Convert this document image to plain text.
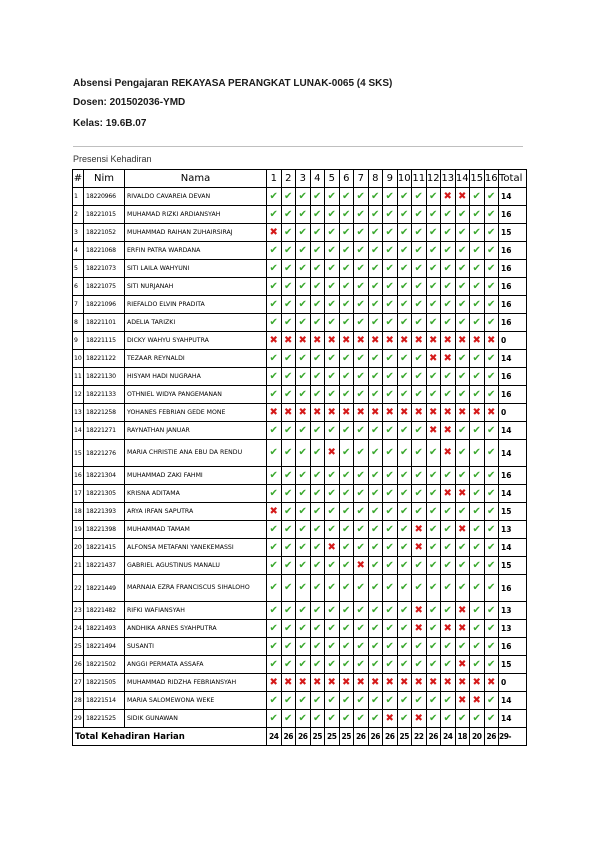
Absensi Pengajaran REKAYASA PERANGKAT LUNAK-0065 (4 SKS)
Dosen: 201502036-YMD
Kelas: 19.6B.07
Presensi Kehadiran
#	Nim	Nama	1	2	3	4	5	6	7	8	9	10	11	12	13	14	15	16	Total
1	18220966	RIVALDO CAVAREIA DEVAN	✔	✔	✔	✔	✔	✔	✔	✔	✔	✔	✔	✔	✖	✖	✔	✔	14
2	18221015	MUHAMAD RIZKI ARDIANSYAH	✔	✔	✔	✔	✔	✔	✔	✔	✔	✔	✔	✔	✔	✔	✔	✔	16
3	18221052	MUHAMMAD RAIHAN ZUHAIRSIRAJ	✖	✔	✔	✔	✔	✔	✔	✔	✔	✔	✔	✔	✔	✔	✔	✔	15
4	18221068	ERFIN PATRA WARDANA	✔	✔	✔	✔	✔	✔	✔	✔	✔	✔	✔	✔	✔	✔	✔	✔	16
5	18221073	SITI LAILA WAHYUNI	✔	✔	✔	✔	✔	✔	✔	✔	✔	✔	✔	✔	✔	✔	✔	✔	16
6	18221075	SITI NURJANAH	✔	✔	✔	✔	✔	✔	✔	✔	✔	✔	✔	✔	✔	✔	✔	✔	16
7	18221096	RIEFALDO ELVIN PRADITA	✔	✔	✔	✔	✔	✔	✔	✔	✔	✔	✔	✔	✔	✔	✔	✔	16
8	18221101	ADELIA TARIZKI	✔	✔	✔	✔	✔	✔	✔	✔	✔	✔	✔	✔	✔	✔	✔	✔	16
9	18221115	DICKY WAHYU SYAHPUTRA	✖	✖	✖	✖	✖	✖	✖	✖	✖	✖	✖	✖	✖	✖	✖	✖	0
10	18221122	TEZAAR REYNALDI	✔	✔	✔	✔	✔	✔	✔	✔	✔	✔	✔	✖	✖	✔	✔	✔	14
11	18221130	HISYAM HADI NUGRAHA	✔	✔	✔	✔	✔	✔	✔	✔	✔	✔	✔	✔	✔	✔	✔	✔	16
12	18221133	OTHNIEL WIDYA PANGEMANAN	✔	✔	✔	✔	✔	✔	✔	✔	✔	✔	✔	✔	✔	✔	✔	✔	16
13	18221258	YOHANES FEBRIAN GEDE MONE	✖	✖	✖	✖	✖	✖	✖	✖	✖	✖	✖	✖	✖	✖	✖	✖	0
14	18221271	RAYNATHAN JANUAR	✔	✔	✔	✔	✔	✔	✔	✔	✔	✔	✔	✖	✖	✔	✔	✔	14
15	18221276	MARIA CHRISTIE ANA EBU DA RENDU	✔	✔	✔	✔	✖	✔	✔	✔	✔	✔	✔	✔	✖	✔	✔	✔	14
16	18221304	MUHAMMAD ZAKI FAHMI	✔	✔	✔	✔	✔	✔	✔	✔	✔	✔	✔	✔	✔	✔	✔	✔	16
17	18221305	KRISNA ADITAMA	✔	✔	✔	✔	✔	✔	✔	✔	✔	✔	✔	✔	✖	✖	✔	✔	14
18	18221393	ARYA IRFAN SAPUTRA	✖	✔	✔	✔	✔	✔	✔	✔	✔	✔	✔	✔	✔	✔	✔	✔	15
19	18221398	MUHAMMAD TAMAM	✔	✔	✔	✔	✔	✔	✔	✔	✔	✔	✖	✔	✔	✖	✔	✔	13
20	18221415	ALFONSA METAFANI YANEKEMASSI	✔	✔	✔	✔	✖	✔	✔	✔	✔	✔	✖	✔	✔	✔	✔	✔	14
21	18221437	GABRIEL AGUSTINUS MANALU	✔	✔	✔	✔	✔	✔	✖	✔	✔	✔	✔	✔	✔	✔	✔	✔	15
22	18221449	MARNAIA EZRA FRANCISCUS SIHALOHO	✔	✔	✔	✔	✔	✔	✔	✔	✔	✔	✔	✔	✔	✔	✔	✔	16
23	18221482	RIFKI WAFIANSYAH	✔	✔	✔	✔	✔	✔	✔	✔	✔	✔	✖	✔	✔	✖	✔	✔	13
24	18221493	ANDHIKA ARNES SYAHPUTRA	✔	✔	✔	✔	✔	✔	✔	✔	✔	✔	✖	✔	✖	✖	✔	✔	13
25	18221494	SUSANTI	✔	✔	✔	✔	✔	✔	✔	✔	✔	✔	✔	✔	✔	✔	✔	✔	16
26	18221502	ANGGI PERMATA ASSAFA	✔	✔	✔	✔	✔	✔	✔	✔	✔	✔	✔	✔	✔	✖	✔	✔	15
27	18221505	MUHAMMAD RIDZHA FEBRIANSYAH	✖	✖	✖	✖	✖	✖	✖	✖	✖	✖	✖	✖	✖	✖	✖	✖	0
28	18221514	MARIA SALOMEWONA WEKE	✔	✔	✔	✔	✔	✔	✔	✔	✔	✔	✔	✔	✔	✖	✖	✔	14
29	18221525	SIDIK GUNAWAN	✔	✔	✔	✔	✔	✔	✔	✔	✖	✔	✖	✔	✔	✔	✔	✔	14
Total Kehadiran Harian			24	26	26	25	25	25	26	26	26	25	22	26	24	18	20	26	29-
